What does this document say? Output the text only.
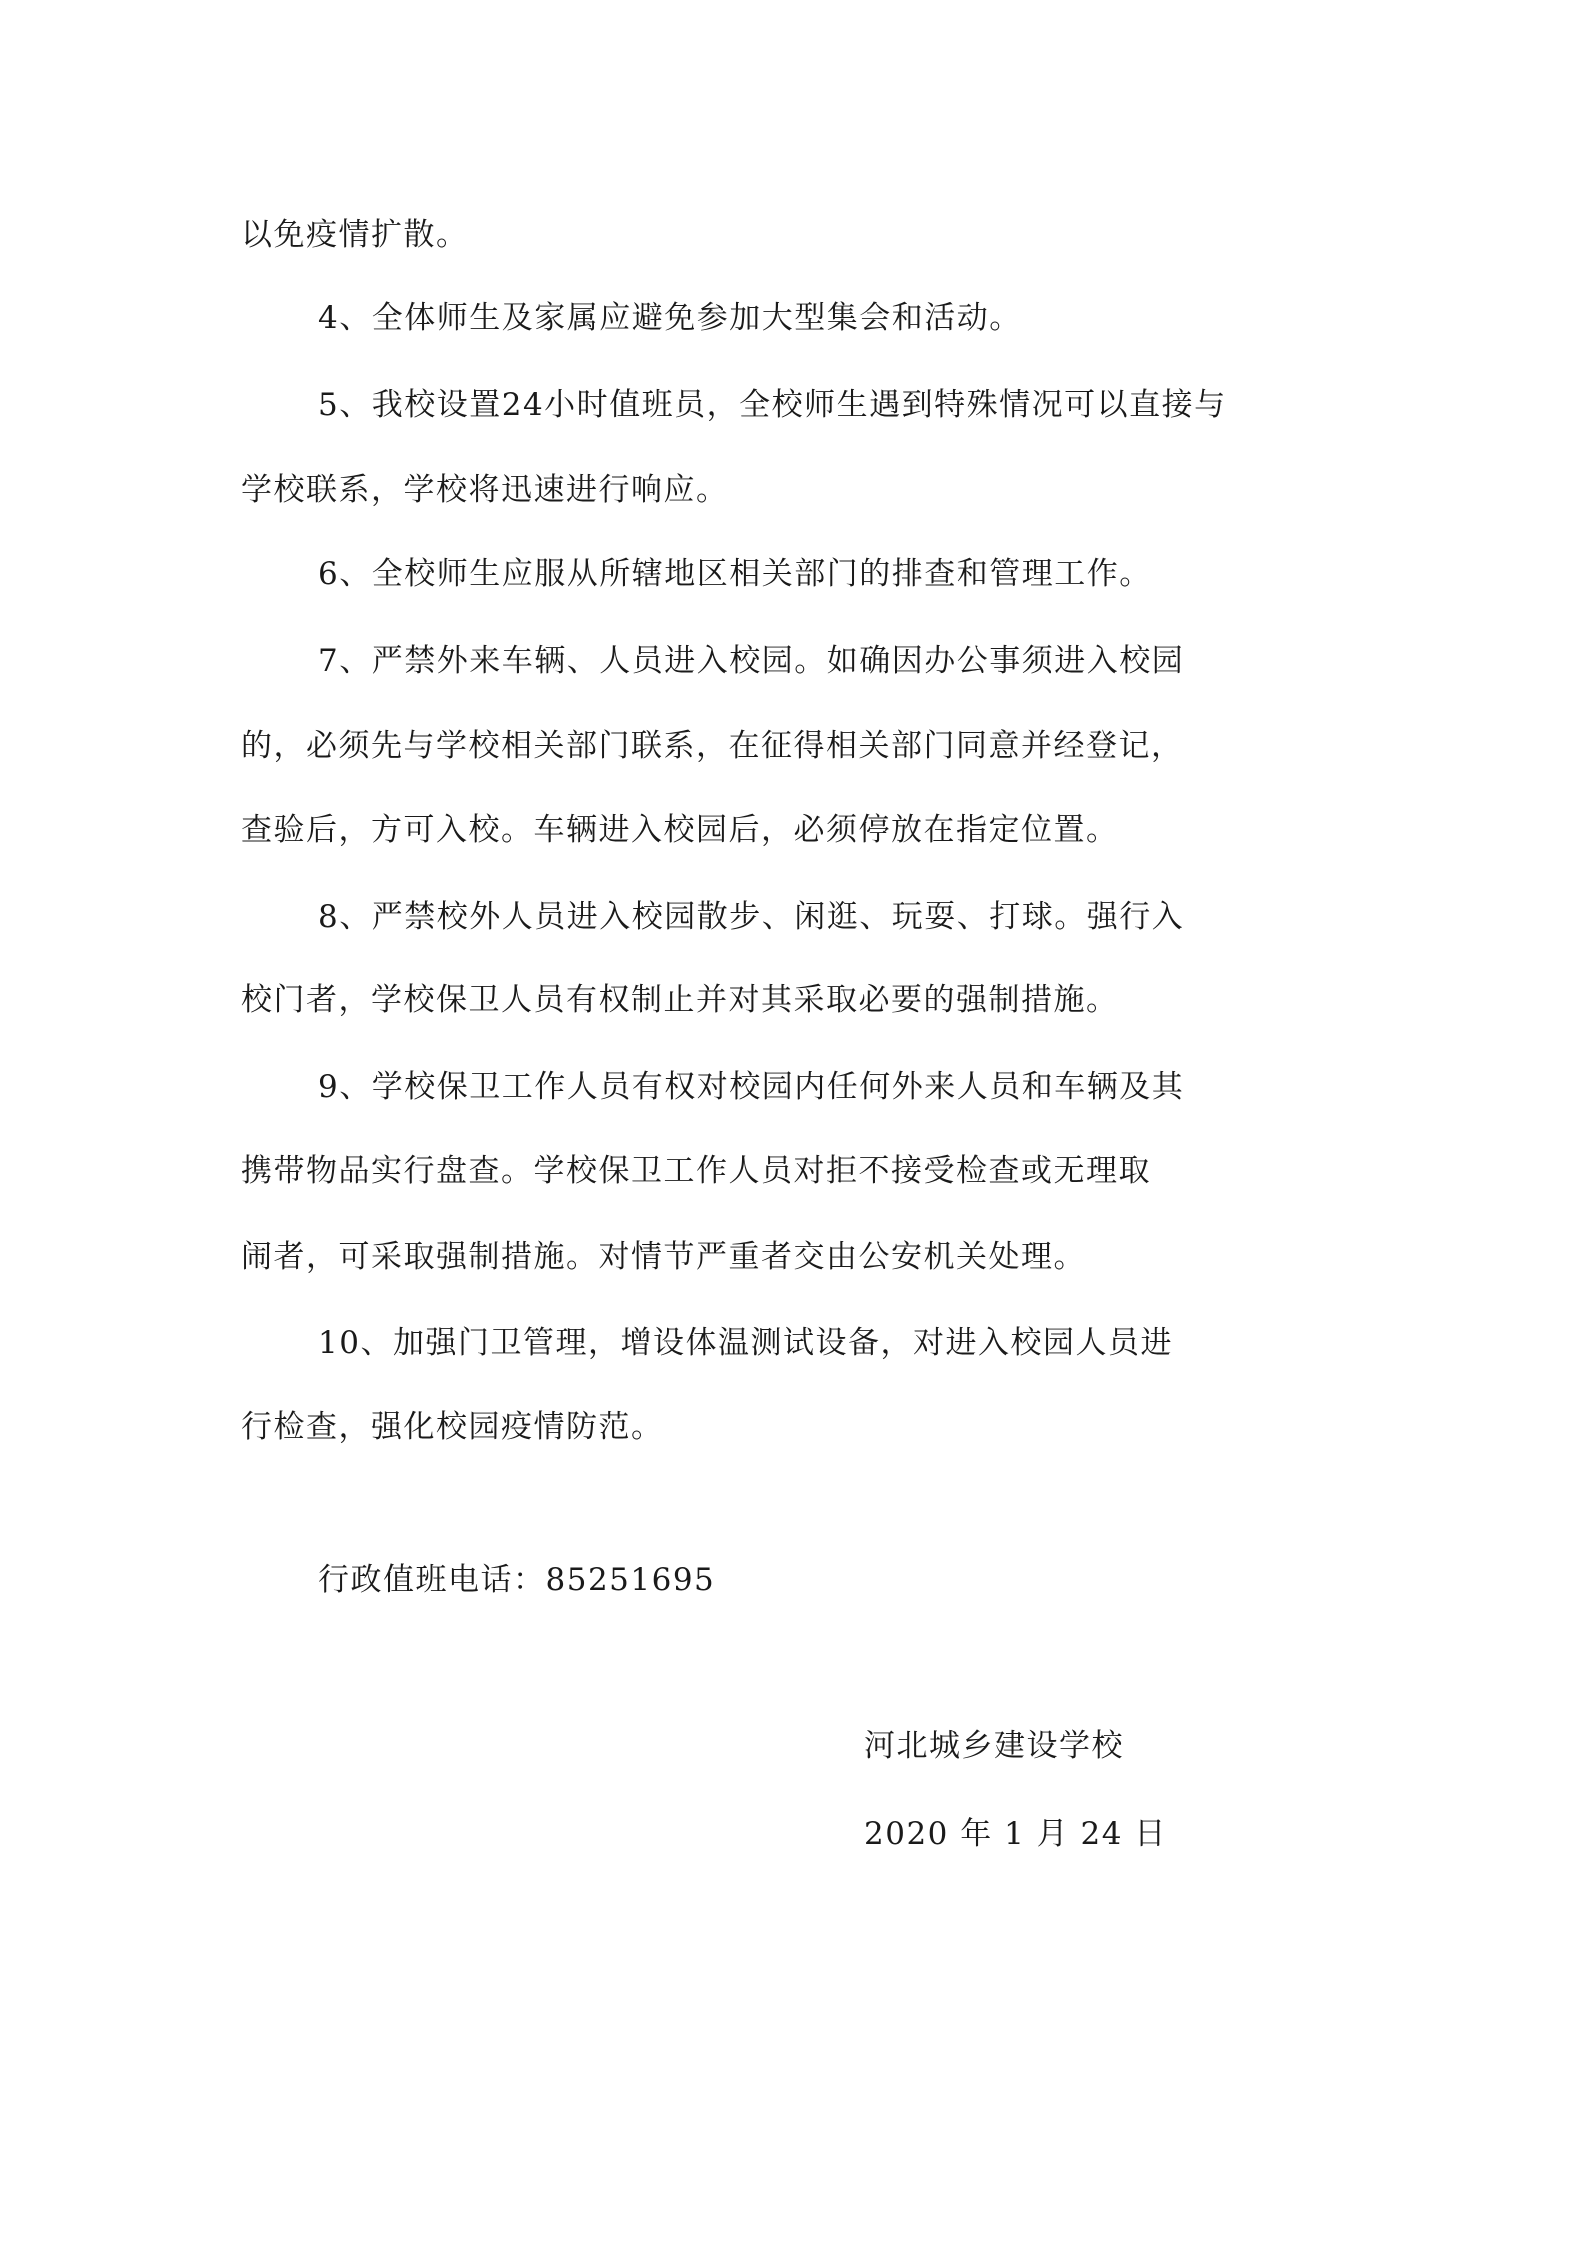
以免疫情扩散。
4、全体师生及家属应避免参加大型集会和活动。
5、我校设置24小时值班员，全校师生遇到特殊情况可以直接与
学校联系，学校将迅速进行响应。
6、全校师生应服从所辖地区相关部门的排查和管理工作。
7、严禁外来车辆、人员进入校园。如确因办公事须进入校园
的，必须先与学校相关部门联系，在征得相关部门同意并经登记，
查验后，方可入校。车辆进入校园后，必须停放在指定位置。
8、严禁校外人员进入校园散步、闲逛、玩耍、打球。强行入
校门者，学校保卫人员有权制止并对其采取必要的强制措施。
9、学校保卫工作人员有权对校园内任何外来人员和车辆及其
携带物品实行盘查。学校保卫工作人员对拒不接受检查或无理取
闹者，可采取强制措施。对情节严重者交由公安机关处理。
10、加强门卫管理，增设体温测试设备，对进入校园人员进
行检查，强化校园疫情防范。
行政值班电话：85251695
河北城乡建设学校
2020 年 1 月 24 日
